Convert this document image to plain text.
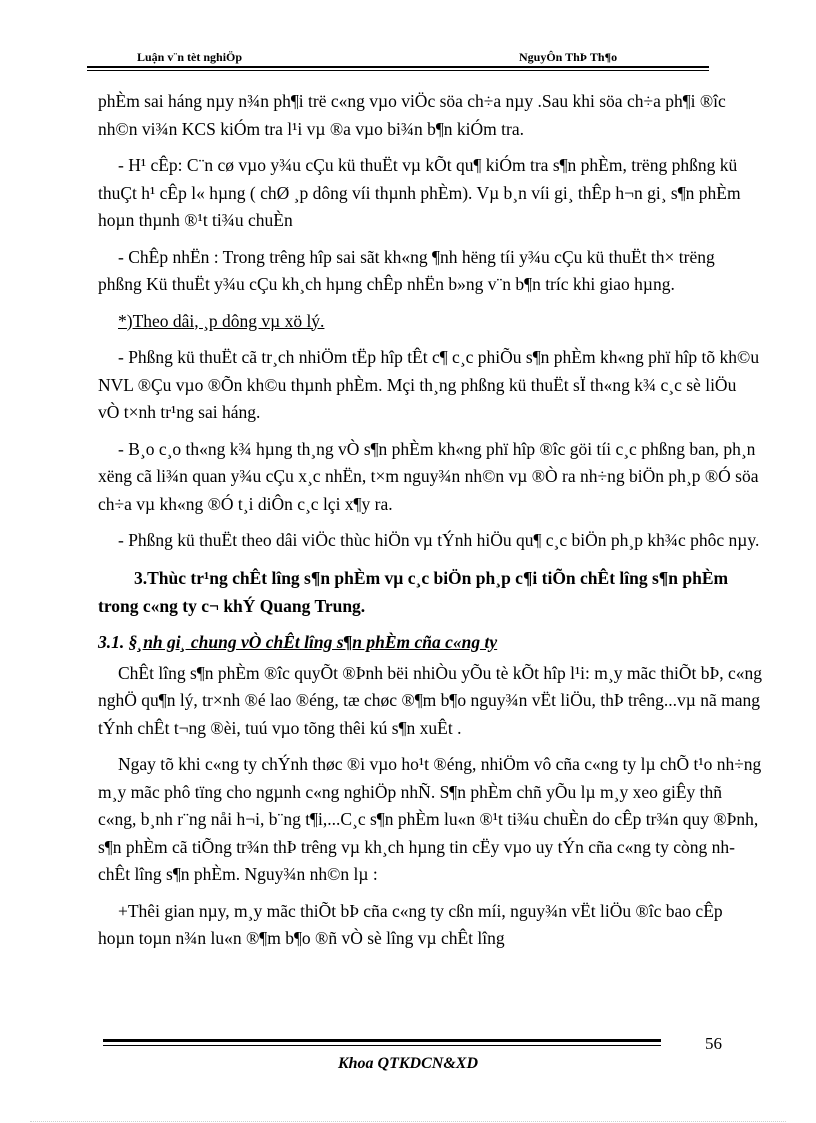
Luận v¨n tèt nghiÖp	NguyÔn ThÞ Th¶o

phÈm sai háng nµy n¾n ph¶i trë c«ng vµo viÖc söa ch÷a nµy .Sau khi söa ch÷a ph¶i ®îc nh©n vi¾n KCS kiÓm tra l¹i vµ ®a vµo bi¾n b¶n kiÓm tra.

- H¹ cÊp: C¨n cø vµo y¾u cÇu kü thuËt vµ kÕt qu¶ kiÓm tra s¶n phÈm, trëng phßng kü thuÇt h¹ cÊp l« hµng ( chØ ¸p dông víi thµnh phÈm). Vµ b¸n víi gi¸ thÊp h¬n gi¸ s¶n phÈm hoµn thµnh ®¹t ti¾u chuÈn

- ChÊp nhËn : Trong trêng hîp sai sãt kh«ng ¶nh hëng tíi y¾u cÇu kü thuËt th× trëng phßng Kü thuËt y¾u cÇu kh¸ch hµng chÊp nhËn b»ng v¨n b¶n tríc khi giao hµng.

*)Theo dâi, ¸p dông vµ xö lý.

- Phßng kü thuËt cã tr¸ch nhiÖm tËp hîp tÊt c¶ c¸c phiÕu s¶n phÈm kh«ng phï hîp tõ kh©u NVL ®Çu vµo ®Õn kh©u thµnh phÈm. Mçi th¸ng phßng kü thuËt sÏ th«ng k¾ c¸c sè liÖu vÒ t×nh tr¹ng sai háng.

- B¸o c¸o th«ng k¾ hµng th¸ng vÒ s¶n phÈm kh«ng phï hîp ®îc göi tíi c¸c phßng ban, ph¸n xëng cã li¾n quan y¾u cÇu x¸c nhËn, t×m nguy¾n nh©n vµ ®Ò ra nh÷ng biÖn ph¸p ®Ó söa ch÷a vµ kh«ng ®Ó t¸i diÔn c¸c lçi x¶y ra.

- Phßng kü thuËt theo dâi viÖc thùc hiÖn vµ tÝnh hiÖu qu¶ c¸c biÖn ph¸p kh¾c phôc nµy.

3.Thùc tr¹ng chÊt lîng s¶n phÈm vµ c¸c biÖn ph¸p c¶i tiÕn chÊt lîng s¶n phÈm trong c«ng ty c¬ khÝ Quang Trung.

3.1. §¸nh gi¸ chung vÒ chÊt lîng s¶n phÈm cña c«ng ty

ChÊt lîng s¶n phÈm ®îc quyÕt ®Þnh bëi nhiÒu yÕu tè kÕt hîp l¹i: m¸y mãc thiÕt bÞ, c«ng nghÖ qu¶n lý, tr×nh ®é lao ®éng, tæ chøc ®¶m b¶o nguy¾n vËt liÖu, thÞ trêng...vµ nã mang tÝnh chÊt t¬ng ®èi, tuú vµo tõng thêi kú s¶n xuÊt .

Ngay tõ khi c«ng ty chÝnh thøc ®i vµo ho¹t ®éng, nhiÖm vô cña c«ng ty lµ chÕ t¹o nh÷ng m¸y mãc phô tïng cho ngµnh c«ng nghiÖp nhÑ. S¶n phÈm chñ yÕu lµ m¸y xeo giÊy thñ c«ng, b¸nh r¨ng nåi h¬i, b¨ng t¶i,...C¸c s¶n phÈm lu«n ®¹t ti¾u chuÈn do cÊp tr¾n quy ®Þnh, s¶n phÈm cã tiÕng tr¾n thÞ trêng vµ kh¸ch hµng tin cËy vµo uy tÝn cña c«ng ty còng nh chÊt lîng s¶n phÈm. Nguy¾n nh©n lµ :

+Thêi gian nµy, m¸y mãc thiÕt bÞ cña c«ng ty cßn míi, nguy¾n vËt liÖu ®îc bao cÊp hoµn toµn n¾n lu«n ®¶m b¶o ®ñ vÒ sè lîng vµ chÊt lîng

56
Khoa QTKDCN&XD
